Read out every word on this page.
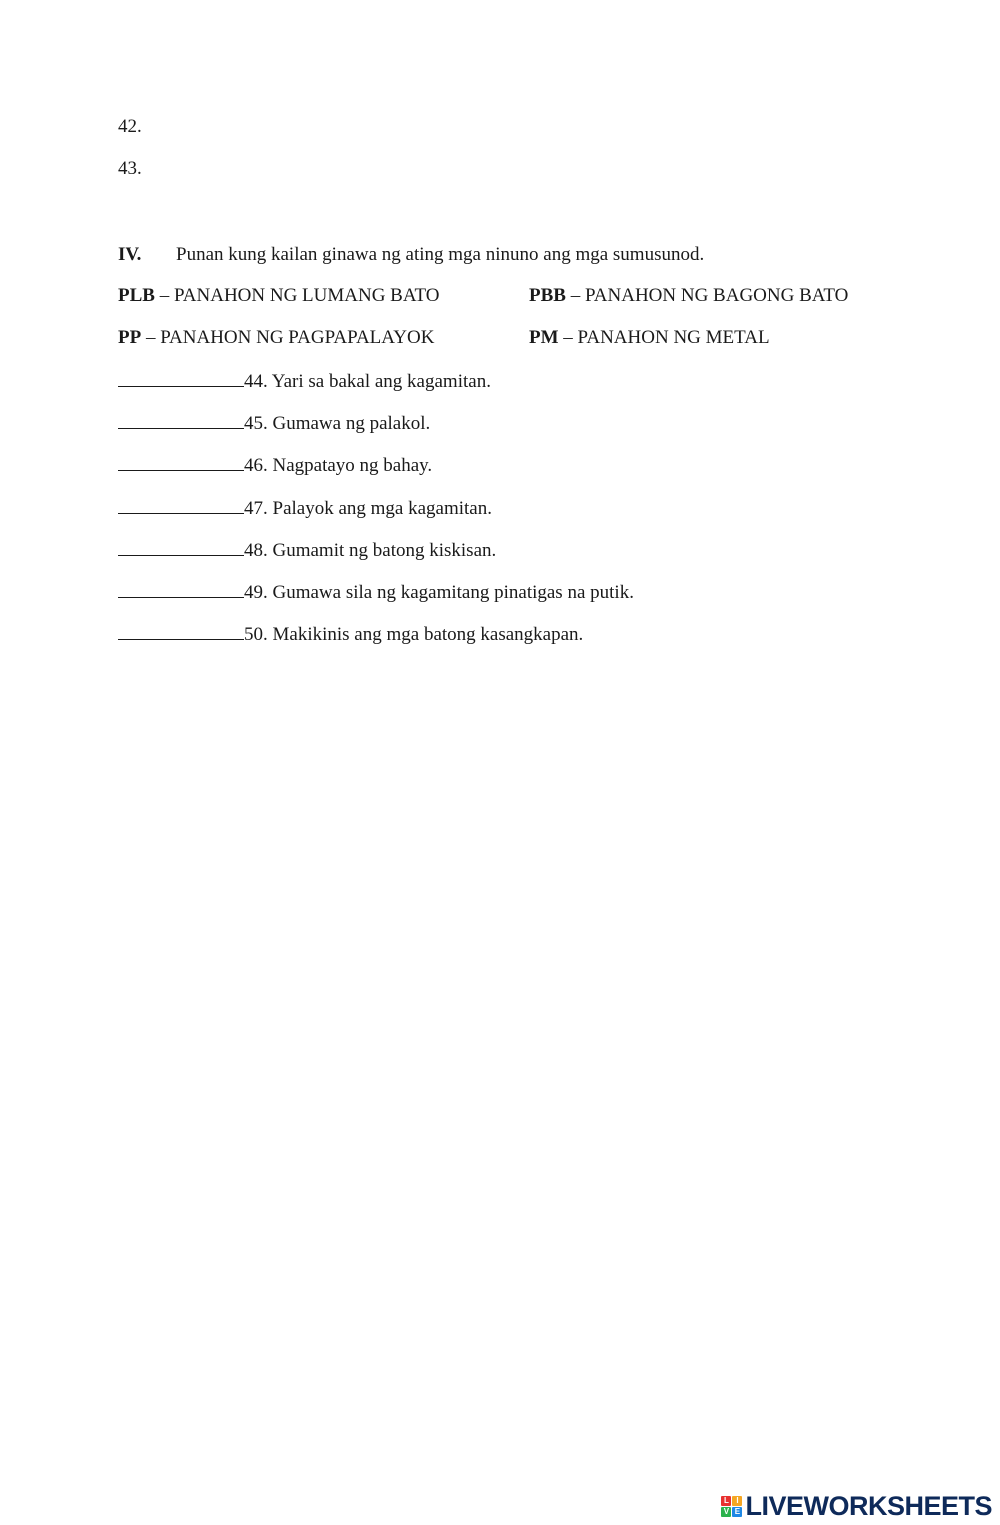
42.
43.
IV. Punan kung kailan ginawa ng ating mga ninuno ang mga sumusunod.
PLB – PANAHON NG LUMANG BATO	PBB – PANAHON NG BAGONG BATO
PP – PANAHON NG PAGPAPALAYOK	PM – PANAHON NG METAL
44. Yari sa bakal ang kagamitan.
45. Gumawa ng palakol.
46. Nagpatayo ng bahay.
47. Palayok ang mga kagamitan.
48. Gumamit ng batong kiskisan.
49. Gumawa sila ng kagamitang pinatigas na putik.
50. Makikinis ang mga batong kasangkapan.
L I
V E LIVEWORKSHEETS
